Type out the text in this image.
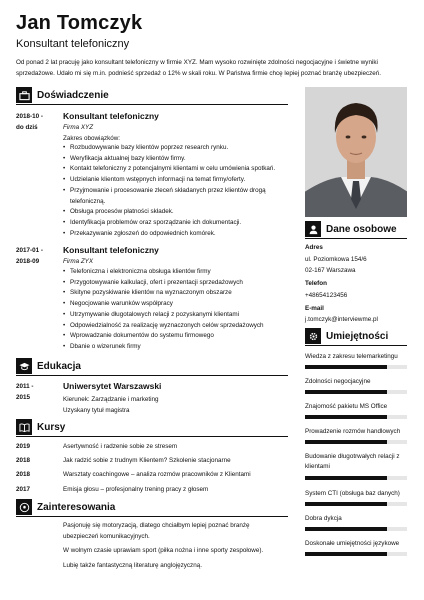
Jan Tomczyk
Konsultant telefoniczny
Od ponad 2 lat pracuję jako konsultant telefoniczny w firmie XYZ. Mam wysoko rozwinięte zdolności negocjacyjne i świetne wyniki sprzedażowe. Udało mi się m.in. podnieść sprzedaż o 12% w skali roku. W Państwa firmie chcę lepiej poznać branżę ubezpieczeń.
Doświadczenie
2018-10 -
do dziś
Konsultant telefoniczny
Firma XYZ
Zakres obowiązków:
• Rozbudowywanie bazy klientów poprzez research rynku.
• Weryfikacja aktualnej bazy klientów firmy.
• Kontakt telefoniczny z potencjalnymi klientami w celu umówienia spotkań.
• Udzielanie klientom wstępnych informacji na temat firmy/oferty.
• Przyjmowanie i procesowanie zleceń składanych przez klientów drogą telefoniczną.
• Obsługa procesów płatności składek.
• Identyfikacja problemów oraz sporządzanie ich dokumentacji.
• Przekazywanie zgłoszeń do odpowiednich komórek.
2017-01 -
2018-09
Konsultant telefoniczny
Firma ZYX
• Telefoniczna i elektroniczna obsługa klientów firmy
• Przygotowywanie kalkulacji, ofert i prezentacji sprzedażowych
• Skityne pozyskiwanie klientów na wyznaczonym obszarze
• Negocjowanie warunków współpracy
• Utrzymywanie długotalowych relacji z pozyskanymi klientami
• Odpowiedzialność za realizację wyznaczonych celów sprzedażowych
• Wprowadzanie dokumentów do systemu firmowego
• Dbanie o wizerunek firmy
Edukacja
2011 -
2015
Uniwersytet Warszawski
Kierunek: Zarządzanie i marketing
Uzyskany tytuł magistra
Kursy
2019	Asertywność i radzenie sobie ze stresem
2018	Jak radzić sobie z trudnym Klientem? Szkolenie stacjonarne
2018	Warsztaty coachingowe – analiza rozmów pracowników z Klientami
2017	Emisja głosu – profesjonalny trening pracy z głosem
Zainteresowania
Pasjonuję się motoryzacją, dlatego chciałbym lepiej poznać branżę ubezpieczeń komunikacyjnych.
W wolnym czasie uprawiam sport (piłka nożna i inne sporty zespołowe).
Lubię także fantastyczną literaturę anglojęzyczną.
Dane osobowe
Adres
ul. Poziomkowa 154/6
02-167 Warszawa
Telefon
+48654123456
E-mail
j.tomczyk@interviewme.pl
Umiejętności
Wiedza z zakresu telemarketingu
Zdolności negocjacyjne
Znajomość pakietu MS Office
Prowadzenie rozmów handlowych
Budowanie długotrwałych relacji z klientami
System CTI (obsługa baz danych)
Dobra dykcja
Doskonałe umiejętności językowe
